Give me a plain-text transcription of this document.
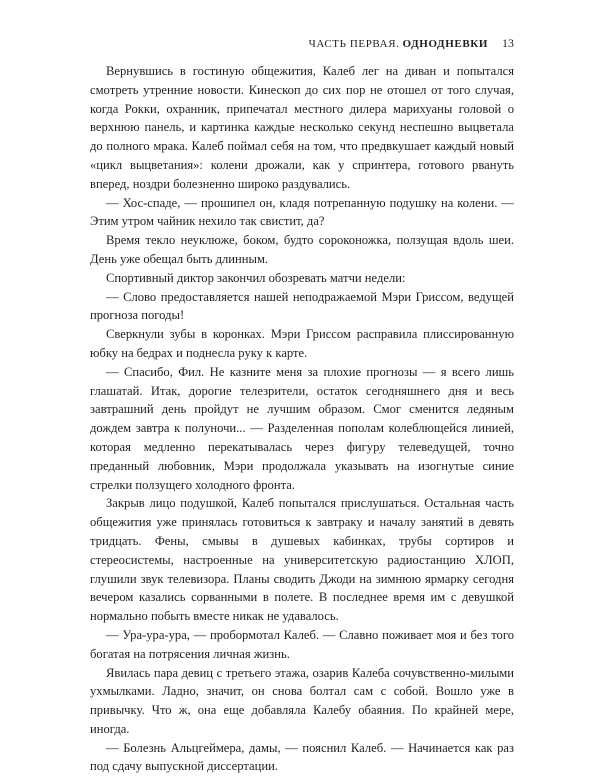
ЧАСТЬ ПЕРВАЯ. ОДНОДНЕВКИ 13

Вернувшись в гостиную общежития, Калеб лег на диван и попытался смотреть утренние новости. Кинескоп до сих пор не отошел от того случая, когда Рокки, охранник, припечатал местного дилера марихуаны головой о верхнюю панель, и картинка каждые несколько секунд неспешно выцветала до полного мрака. Калеб поймал себя на том, что предвкушает каждый новый «цикл выцветания»: колени дрожали, как у спринтера, готового рвануть вперед, ноздри болезненно широко раздувались.

— Хос-спаде, — прошипел он, кладя потрепанную подушку на колени. — Этим утром чайник нехило так свистит, да?

Время текло неуклюже, боком, будто сороконожка, ползущая вдоль шеи. День уже обещал быть длинным.

Спортивный диктор закончил обозревать матчи недели:

— Слово предоставляется нашей неподражаемой Мэри Гриссом, ведущей прогноза погоды!

Сверкнули зубы в коронках. Мэри Гриссом расправила плиссированную юбку на бедрах и поднесла руку к карте.

— Спасибо, Фил. Не казните меня за плохие прогнозы — я всего лишь глашатай. Итак, дорогие телезрители, остаток сегодняшнего дня и весь завтрашний день пройдут не лучшим образом. Смог сменится ледяным дождем завтра к полуночи... — Разделенная пополам колеблющейся линией, которая медленно перекатывалась через фигуру телеведущей, точно преданный любовник, Мэри продолжала указывать на изогнутые синие стрелки ползущего холодного фронта.

Закрыв лицо подушкой, Калеб попытался прислушаться. Остальная часть общежития уже принялась готовиться к завтраку и началу занятий в девять тридцать. Фены, смывы в душевых кабинках, трубы сортиров и стереосистемы, настроенные на университетскую радиостанцию ХЛОП, глушили звук телевизора. Планы сводить Джоди на зимнюю ярмарку сегодня вечером казались сорванными в полете. В последнее время им с девушкой нормально побыть вместе никак не удавалось.

— Ура-ура-ура, — пробормотал Калеб. — Славно поживает моя и без того богатая на потрясения личная жизнь.

Явилась пара девиц с третьего этажа, озарив Калеба сочувственно-милыми ухмылками. Ладно, значит, он снова болтал сам с собой. Вошло уже в привычку. Что ж, она еще добавляла Калебу обаяния. По крайней мере, иногда.

— Болезнь Альцгеймера, дамы, — пояснил Калеб. — Начинается как раз под сдачу выпускной диссертации.
